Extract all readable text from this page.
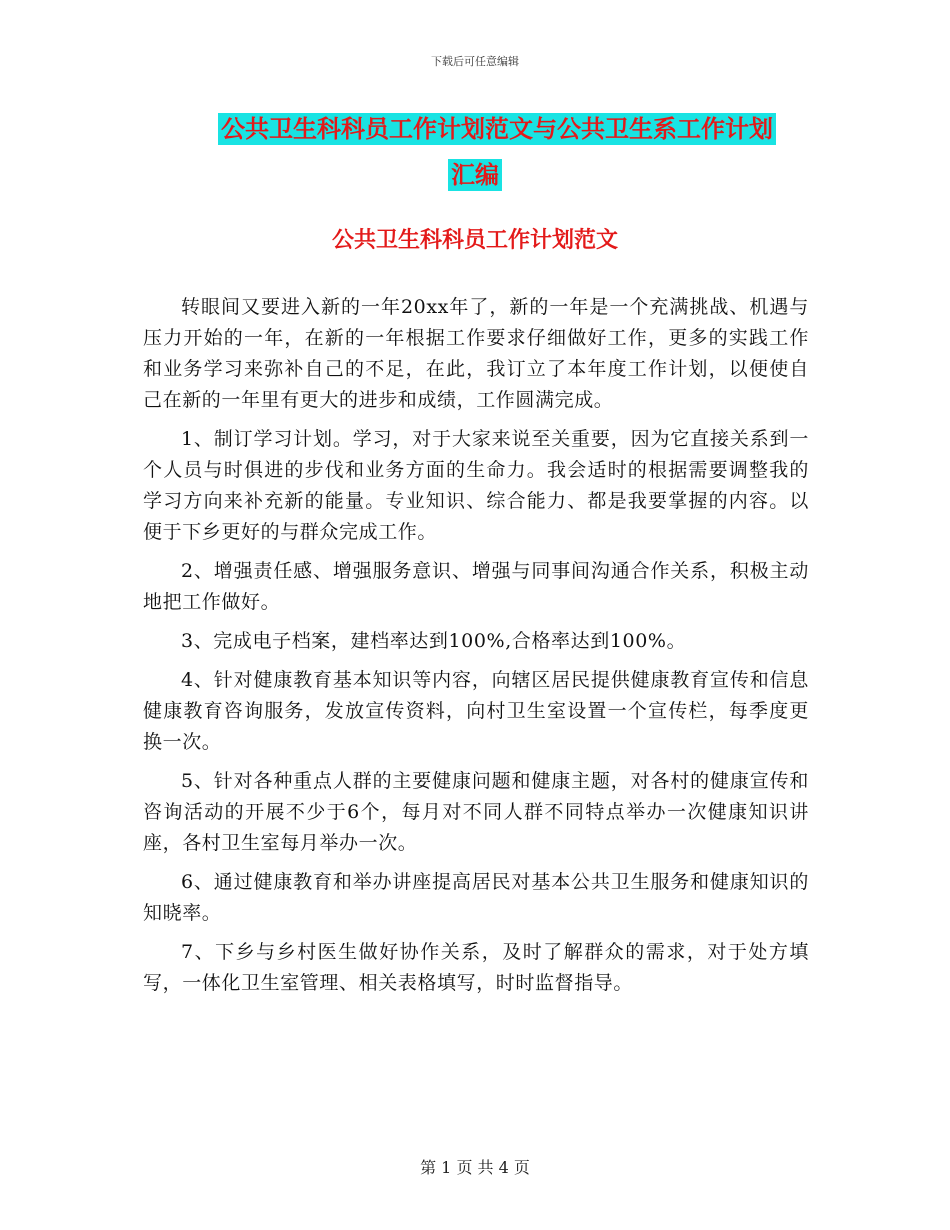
下载后可任意编辑
公共卫生科科员工作计划范文与公共卫生系工作计划
汇编
公共卫生科科员工作计划范文

转眼间又要进入新的一年20xx年了，新的一年是一个充满挑战、机遇与压力开始的一年，在新的一年根据工作要求仔细做好工作，更多的实践工作和业务学习来弥补自己的不足，在此，我订立了本年度工作计划，以便使自己在新的一年里有更大的进步和成绩，工作圆满完成。

1、制订学习计划。学习，对于大家来说至关重要，因为它直接关系到一个人员与时俱进的步伐和业务方面的生命力。我会适时的根据需要调整我的学习方向来补充新的能量。专业知识、综合能力、都是我要掌握的内容。以便于下乡更好的与群众完成工作。

2、增强责任感、增强服务意识、增强与同事间沟通合作关系，积极主动地把工作做好。

3、完成电子档案，建档率达到100%,合格率达到100%。

4、针对健康教育基本知识等内容，向辖区居民提供健康教育宣传和信息健康教育咨询服务，发放宣传资料，向村卫生室设置一个宣传栏，每季度更换一次。

5、针对各种重点人群的主要健康问题和健康主题，对各村的健康宣传和咨询活动的开展不少于6个，每月对不同人群不同特点举办一次健康知识讲座，各村卫生室每月举办一次。

6、通过健康教育和举办讲座提高居民对基本公共卫生服务和健康知识的知晓率。

7、下乡与乡村医生做好协作关系，及时了解群众的需求，对于处方填写，一体化卫生室管理、相关表格填写，时时监督指导。

第 1 页 共 4 页
